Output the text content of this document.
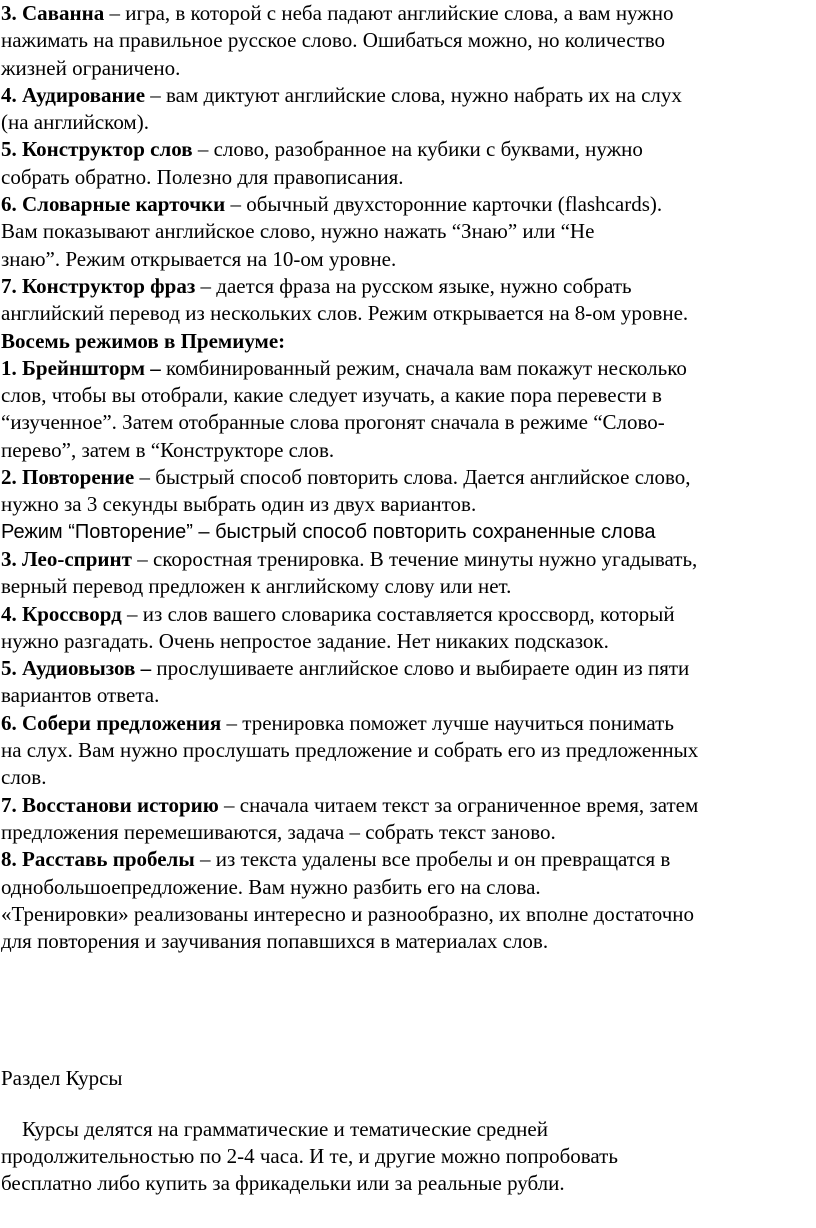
3. Саванна – игра, в которой с неба падают английские слова, а вам нужно

нажимать на правильное русское слово. Ошибаться можно, но количество

жизней ограничено.

4. Аудирование – вам диктуют английские слова, нужно набрать их на слух

(на английском).

5. Конструктор слов – слово, разобранное на кубики с буквами, нужно

собрать обратно. Полезно для правописания.

6. Словарные карточки – обычный двухсторонние карточки (flashcards).

Вам показывают английское слово, нужно нажать “Знаю” или “Не

знаю”. Режим открывается на 10-ом уровне.

7. Конструктор фраз – дается фраза на русском языке, нужно собрать

английский перевод из нескольких слов. Режим открывается на 8-ом уровне.

Восемь режимов в Премиуме:

1. Брейншторм – комбинированный режим, сначала вам покажут несколько

слов, чтобы вы отобрали, какие следует изучать, а какие пора перевести в

“изученное”. Затем отобранные слова прогонят сначала в режиме “Слово-

перево”, затем в “Конструкторе слов.

2. Повторение – быстрый способ повторить слова. Дается английское слово,

нужно за 3 секунды выбрать один из двух вариантов.

Режим “Повторение” – быстрый способ повторить сохраненные слова

3. Лео-спринт – скоростная тренировка. В течение минуты нужно угадывать,

верный перевод предложен к английскому слову или нет.

4. Кроссворд – из слов вашего словарика составляется кроссворд, который

нужно разгадать. Очень непростое задание. Нет никаких подсказок.

5. Аудиовызов – прослушиваете английское слово и выбираете один из пяти

вариантов ответа.

6. Собери предложения – тренировка поможет лучше научиться понимать

на слух. Вам нужно прослушать предложение и собрать его из предложенных

слов.

7. Восстанови историю – сначала читаем текст за ограниченное время, затем

предложения перемешиваются, задача – собрать текст заново.

8. Расставь пробелы – из текста удалены все пробелы и он превращатся в

однобольшоепредложение. Вам нужно разбить его на слова.

«Тренировки» реализованы интересно и разнообразно, их вполне достаточно

для повторения и заучивания попавшихся в материалах слов.

Раздел Курсы

Курсы делятся на грамматические и тематические средней

продолжительностью по 2-4 часа. И те, и другие можно попробовать

бесплатно либо купить за фрикадельки или за реальные рубли.
